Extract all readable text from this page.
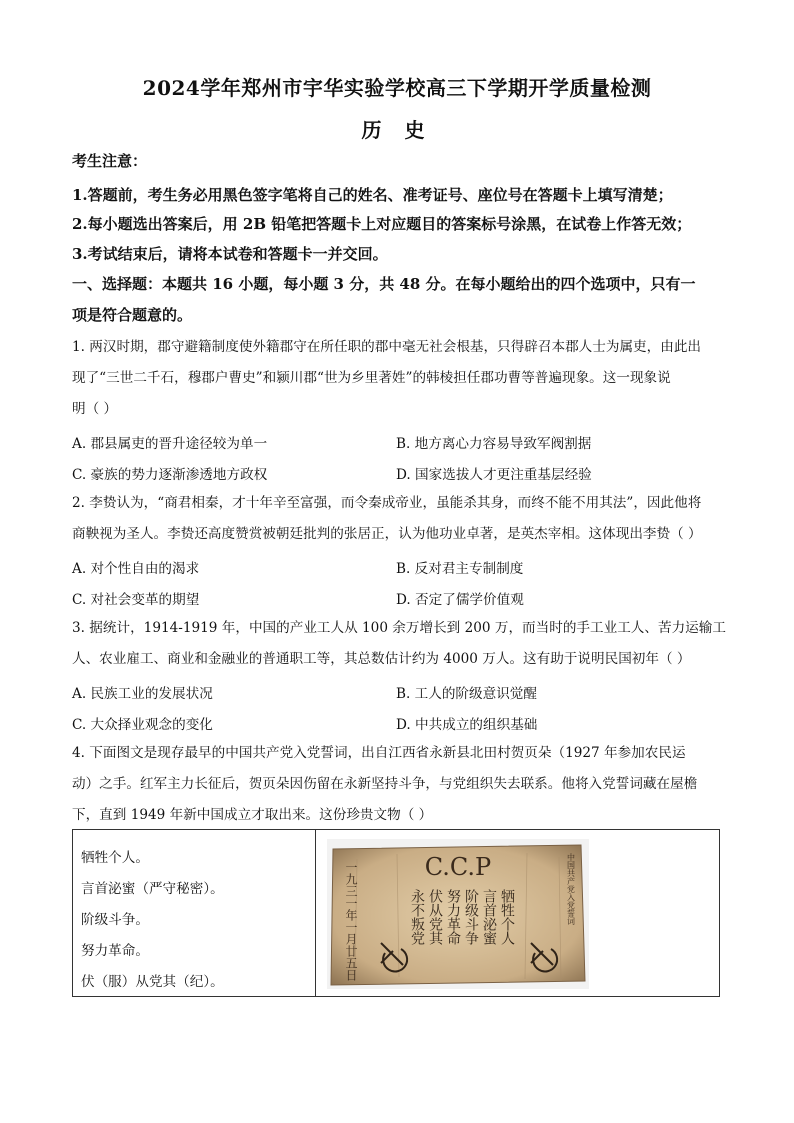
2024学年郑州市宇华实验学校高三下学期开学质量检测
历 史
考生注意：
1.答题前，考生务必用黑色签字笔将自己的姓名、准考证号、座位号在答题卡上填写清楚；
2.每小题选出答案后，用 2B 铅笔把答题卡上对应题目的答案标号涂黑，在试卷上作答无效；
3.考试结束后，请将本试卷和答题卡一并交回。
一、选择题：本题共 16 小题，每小题 3 分，共 48 分。在每小题给出的四个选项中，只有一
项是符合题意的。
1. 两汉时期，郡守避籍制度使外籍郡守在所任职的郡中毫无社会根基，只得辟召本郡人士为属吏，由此出
现了“三世二千石，穆郡户曹史”和颍川郡“世为乡里著姓”的韩棱担任郡功曹等普遍现象。这一现象说
明（ ）
A. 郡县属吏的晋升途径较为单一	B. 地方离心力容易导致军阀割据
C. 豪族的势力逐渐渗透地方政权	D. 国家选拔人才更注重基层经验
2. 李贽认为，“商君相秦，才十年辛至富强，而令秦成帝业，虽能杀其身，而终不能不用其法”，因此他将
商鞅视为圣人。李贽还高度赞赏被朝廷批判的张居正，认为他功业卓著，是英杰宰相。这体现出李贽（ ）
A. 对个性自由的渴求	B. 反对君主专制制度
C. 对社会变革的期望	D. 否定了儒学价值观
3. 据统计，1914-1919 年，中国的产业工人从 100 余万增长到 200 万，而当时的手工业工人、苦力运输工
人、农业雇工、商业和金融业的普通职工等，其总数估计约为 4000 万人。这有助于说明民国初年（ ）
A. 民族工业的发展状况	B. 工人的阶级意识觉醒
C. 大众择业观念的变化	D. 中共成立的组织基础
4. 下面图文是现存最早的中国共产党入党誓词，出自江西省永新县北田村贺页朵（1927 年参加农民运
动）之手。红军主力长征后，贺页朵因伤留在永新坚持斗争，与党组织失去联系。他将入党誓词藏在屋檐
下，直到 1949 年新中国成立才取出来。这份珍贵文物（ ）
牺牲个人。
言首泌蜜（严守秘密）。
阶级斗争。
努力革命。
伏（服）从党其（纪）。
C.C.P
牺牲个人
言首泌蜜
阶级斗争
努力革命
伏从党其
永不叛党
一九三一年一月廿五日	中国共产党入党誓词
